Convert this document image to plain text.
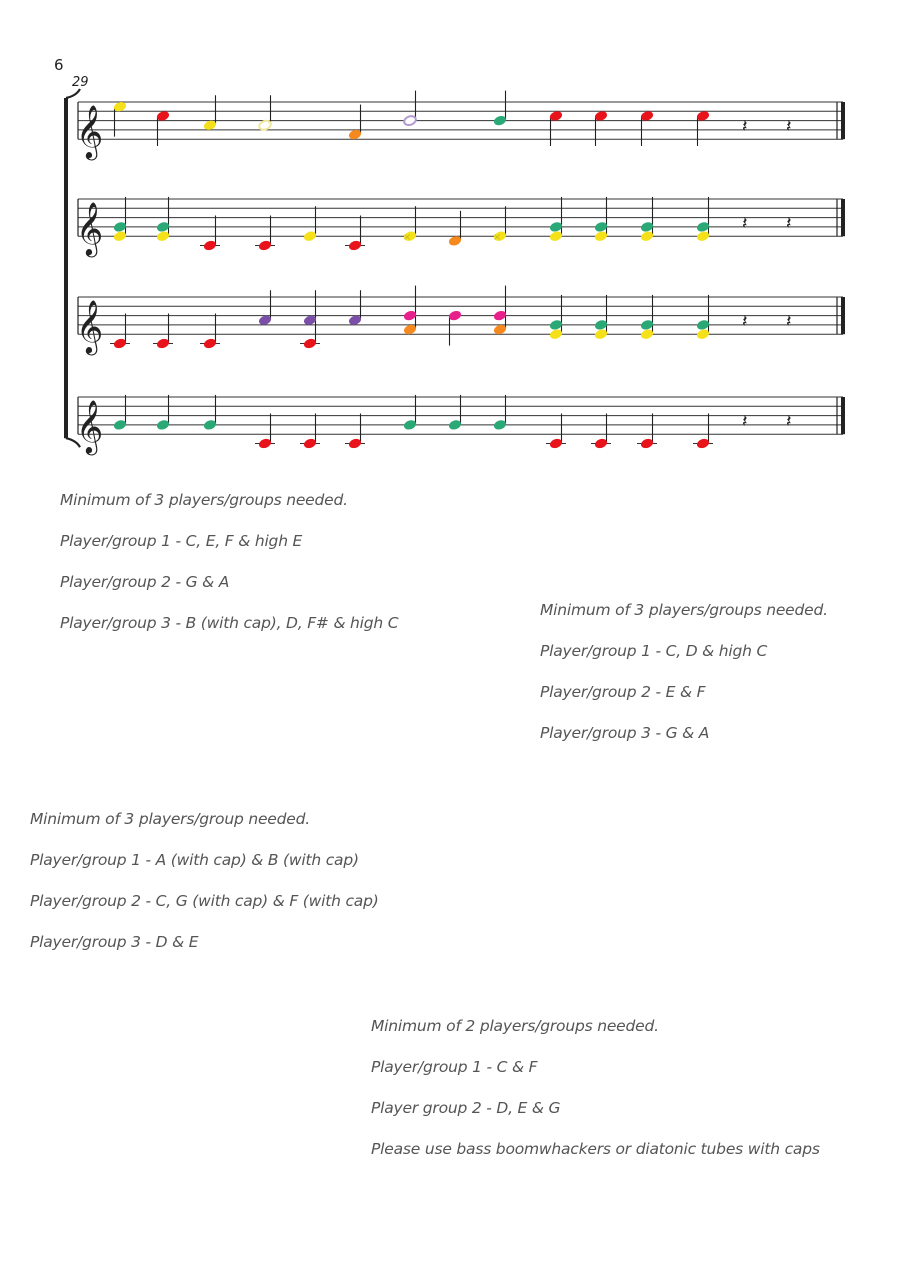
6
29
𝄞	𝄽 𝄽
𝄞	×	×
𝄽 𝄽
𝄞	𝄽 𝄽
𝄞	𝄽 𝄽
Minimum of 3 players/groups needed.
Player/group 1 - C, E, F & high E
Player/group 2 - G & A
Player/group 3 - B (with cap), D, F# & high C
Minimum of 3 players/groups needed.
Player/group 1 - C, D & high C
Player/group 2 - E & F
Player/group 3 - G & A
Minimum of 3 players/group needed.
Player/group 1 - A (with cap) & B (with cap)
Player/group 2 - C, G (with cap) & F (with cap)
Player/group 3 - D & E
Minimum of 2 players/groups needed.
Player/group 1 - C & F
Player group 2 - D, E & G
Please use bass boomwhackers or diatonic tubes with caps
